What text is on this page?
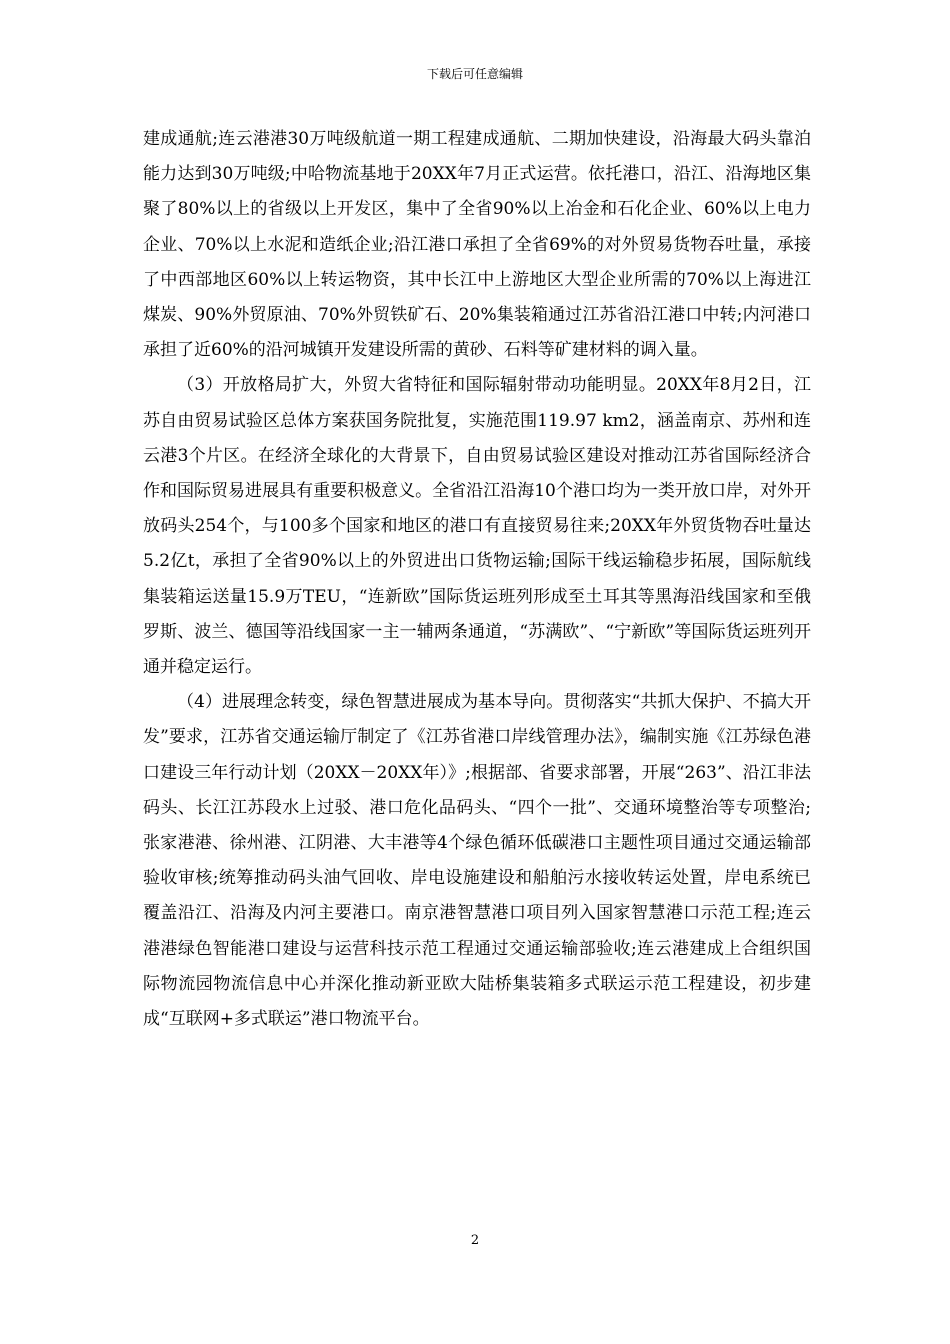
下载后可任意编辑

建成通航;连云港港30万吨级航道一期工程建成通航、二期加快建设，沿海最大码头靠泊能力达到30万吨级;中哈物流基地于20XX年7月正式运营。依托港口，沿江、沿海地区集聚了80%以上的省级以上开发区，集中了全省90%以上冶金和石化企业、60%以上电力企业、70%以上水泥和造纸企业;沿江港口承担了全省69%的对外贸易货物吞吐量，承接了中西部地区60%以上转运物资，其中长江中上游地区大型企业所需的70%以上海进江煤炭、90%外贸原油、70%外贸铁矿石、20%集装箱通过江苏省沿江港口中转;内河港口承担了近60%的沿河城镇开发建设所需的黄砂、石料等矿建材料的调入量。

（3）开放格局扩大，外贸大省特征和国际辐射带动功能明显。20XX年8月2日，江苏自由贸易试验区总体方案获国务院批复，实施范围119.97 km2，涵盖南京、苏州和连云港3个片区。在经济全球化的大背景下，自由贸易试验区建设对推动江苏省国际经济合作和国际贸易进展具有重要积极意义。全省沿江沿海10个港口均为一类开放口岸，对外开放码头254个，与100多个国家和地区的港口有直接贸易往来;20XX年外贸货物吞吐量达5.2亿t，承担了全省90%以上的外贸进出口货物运输;国际干线运输稳步拓展，国际航线集装箱运送量15.9万TEU，“连新欧”国际货运班列形成至土耳其等黑海沿线国家和至俄罗斯、波兰、德国等沿线国家一主一辅两条通道，“苏满欧”、“宁新欧”等国际货运班列开通并稳定运行。

（4）进展理念转变，绿色智慧进展成为基本导向。贯彻落实“共抓大保护、不搞大开发”要求，江苏省交通运输厅制定了《江苏省港口岸线管理办法》，编制实施《江苏绿色港口建设三年行动计划（20XX－20XX年）》;根据部、省要求部署，开展“263”、沿江非法码头、长江江苏段水上过驳、港口危化品码头、“四个一批”、交通环境整治等专项整治;张家港港、徐州港、江阴港、大丰港等4个绿色循环低碳港口主题性项目通过交通运输部验收审核;统筹推动码头油气回收、岸电设施建设和船舶污水接收转运处置，岸电系统已覆盖沿江、沿海及内河主要港口。南京港智慧港口项目列入国家智慧港口示范工程;连云港港绿色智能港口建设与运营科技示范工程通过交通运输部验收;连云港建成上合组织国际物流园物流信息中心并深化推动新亚欧大陆桥集装箱多式联运示范工程建设，初步建成“互联网+多式联运”港口物流平台。

2
